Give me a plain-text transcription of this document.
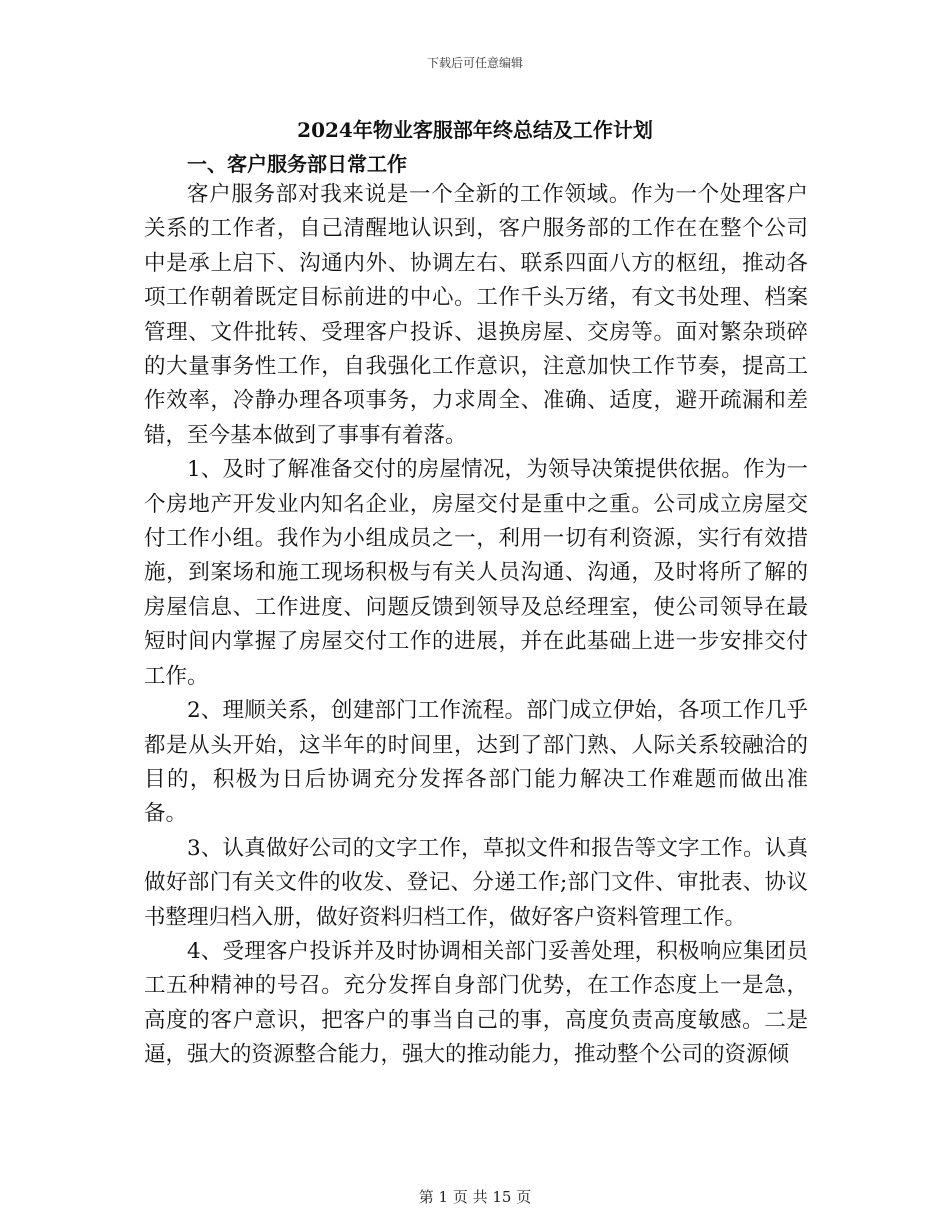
下载后可任意编辑
2024年物业客服部年终总结及工作计划
一、客户服务部日常工作

客户服务部对我来说是一个全新的工作领域。作为一个处理客户关系的工作者，自己清醒地认识到，客户服务部的工作在在整个公司中是承上启下、沟通内外、协调左右、联系四面八方的枢纽，推动各项工作朝着既定目标前进的中心。工作千头万绪，有文书处理、档案管理、文件批转、受理客户投诉、退换房屋、交房等。面对繁杂琐碎的大量事务性工作，自我强化工作意识，注意加快工作节奏，提高工作效率，冷静办理各项事务，力求周全、准确、适度，避开疏漏和差错，至今基本做到了事事有着落。

1、及时了解准备交付的房屋情况，为领导决策提供依据。作为一个房地产开发业内知名企业，房屋交付是重中之重。公司成立房屋交付工作小组。我作为小组成员之一，利用一切有利资源，实行有效措施，到案场和施工现场积极与有关人员沟通、沟通，及时将所了解的房屋信息、工作进度、问题反馈到领导及总经理室，使公司领导在最短时间内掌握了房屋交付工作的进展，并在此基础上进一步安排交付工作。

2、理顺关系，创建部门工作流程。部门成立伊始，各项工作几乎都是从头开始，这半年的时间里，达到了部门熟、人际关系较融洽的目的，积极为日后协调充分发挥各部门能力解决工作难题而做出准备。

3、认真做好公司的文字工作，草拟文件和报告等文字工作。认真做好部门有关文件的收发、登记、分递工作;部门文件、审批表、协议书整理归档入册，做好资料归档工作，做好客户资料管理工作。

4、受理客户投诉并及时协调相关部门妥善处理，积极响应集团员工五种精神的号召。充分发挥自身部门优势，在工作态度上一是急，高度的客户意识，把客户的事当自己的事，高度负责高度敏感。二是逼，强大的资源整合能力，强大的推动能力，推动整个公司的资源倾

第 1 页 共 15 页
